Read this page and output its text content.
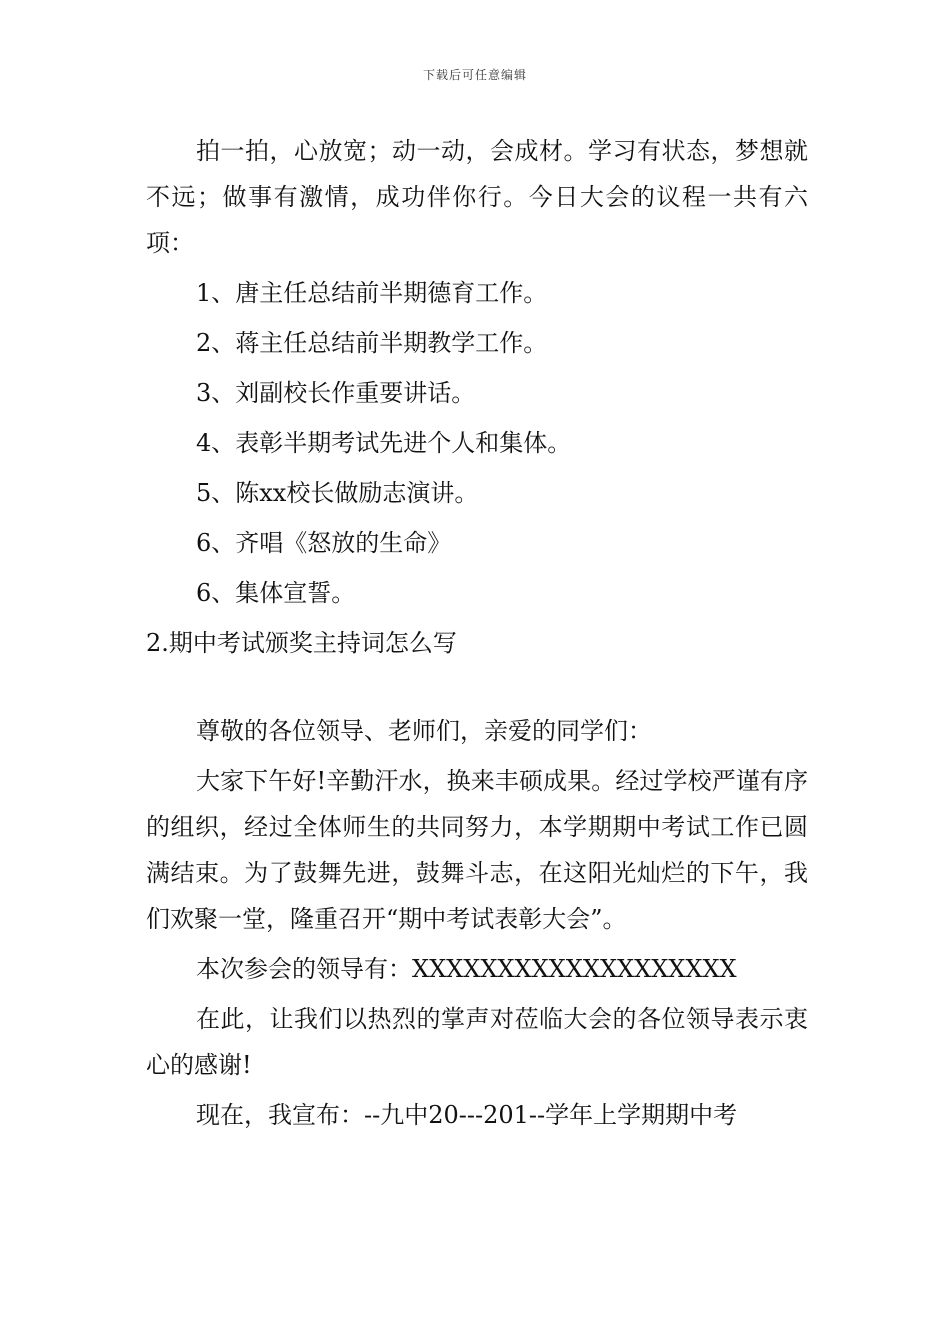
下载后可任意编辑

拍一拍，心放宽；动一动，会成材。学习有状态，梦想就不远；做事有激情，成功伴你行。今日大会的议程一共有六项：

1、唐主任总结前半期德育工作。
2、蒋主任总结前半期教学工作。
3、刘副校长作重要讲话。
4、表彰半期考试先进个人和集体。
5、陈xx校长做励志演讲。
6、齐唱《怒放的生命》
6、集体宣誓。
2.期中考试颁奖主持词怎么写

尊敬的各位领导、老师们，亲爱的同学们：

大家下午好!辛勤汗水，换来丰硕成果。经过学校严谨有序的组织，经过全体师生的共同努力，本学期期中考试工作已圆满结束。为了鼓舞先进，鼓舞斗志，在这阳光灿烂的下午，我们欢聚一堂，隆重召开“期中考试表彰大会”。

本次参会的领导有：XXXXXXXXXXXXXXXXXXX

在此，让我们以热烈的掌声对莅临大会的各位领导表示衷心的感谢!

现在，我宣布：--九中20---201--学年上学期期中考
